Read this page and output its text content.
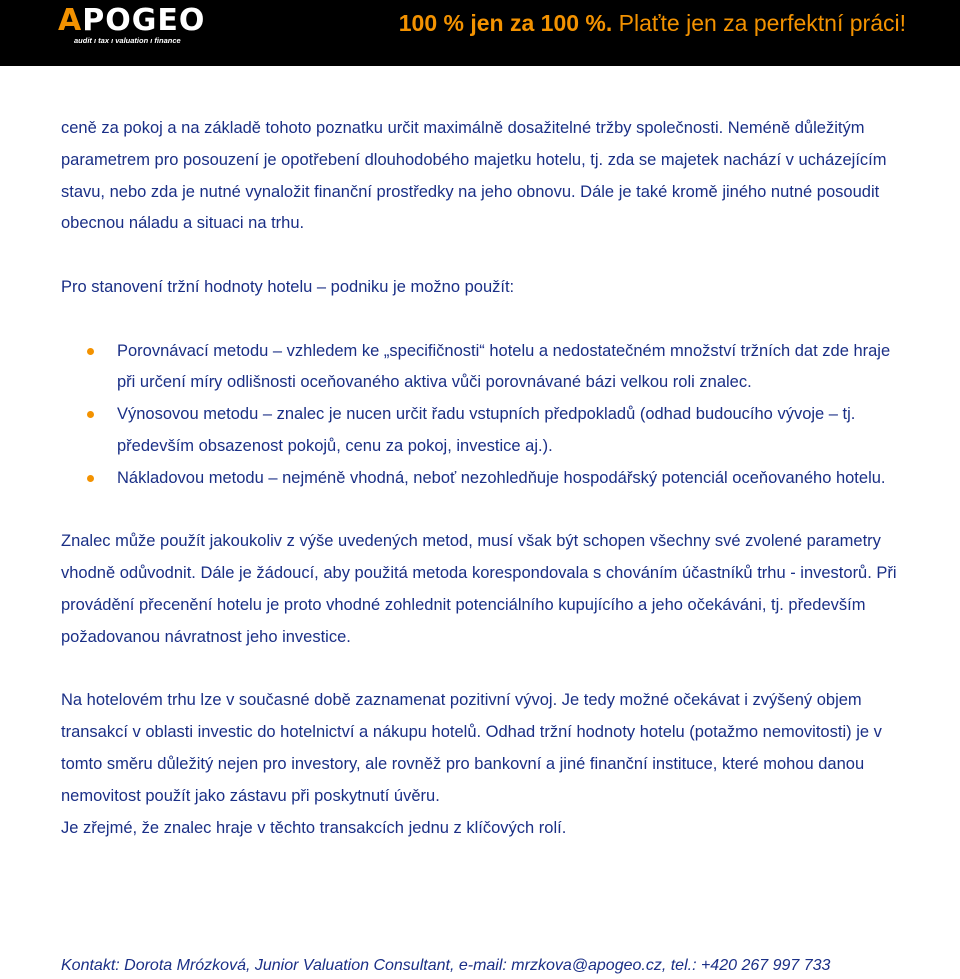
APOGEO
audit ı tax ı valuation ı finance
100 % jen za 100 %. Plaťte jen za perfektní práci!

ceně za pokoj a na základě tohoto poznatku určit maximálně dosažitelné tržby společnosti. Neméně důležitým parametrem pro posouzení je opotřebení dlouhodobého majetku hotelu, tj. zda se majetek nachází v ucházejícím stavu, nebo zda je nutné vynaložit finanční prostředky na jeho obnovu. Dále je také kromě jiného nutné posoudit obecnou náladu a situaci na trhu.

Pro stanovení tržní hodnoty hotelu – podniku je možno použít:

Porovnávací metodu – vzhledem ke „specifičnosti“ hotelu a nedostatečném množství tržních dat zde hraje při určení míry odlišnosti oceňovaného aktiva vůči porovnávané bázi velkou roli znalec.
Výnosovou metodu – znalec je nucen určit řadu vstupních předpokladů (odhad budoucího vývoje – tj. především obsazenost pokojů, cenu za pokoj, investice aj.).
Nákladovou metodu – nejméně vhodná, neboť nezohledňuje hospodářský potenciál oceňovaného hotelu.

Znalec může použít jakoukoliv z výše uvedených metod, musí však být schopen všechny své zvolené parametry vhodně odůvodnit. Dále je žádoucí, aby použitá metoda korespondovala s chováním účastníků trhu - investorů. Při provádění přecenění hotelu je proto vhodné zohlednit potenciálního kupujícího a jeho očekáváni, tj. především požadovanou návratnost jeho investice.

Na hotelovém trhu lze v současné době zaznamenat pozitivní vývoj. Je tedy možné očekávat i zvýšený objem transakcí v oblasti investic do hotelnictví a nákupu hotelů. Odhad tržní hodnoty hotelu (potažmo nemovitosti) je v tomto směru důležitý nejen pro investory, ale rovněž pro bankovní a jiné finanční instituce, které mohou danou nemovitost použít jako zástavu při poskytnutí úvěru.

Je zřejmé, že znalec hraje v těchto transakcích jednu z klíčových rolí.

Kontakt: Dorota Mrózková, Junior Valuation Consultant, e-mail: mrzkova@apogeo.cz, tel.: +420 267 997 733
